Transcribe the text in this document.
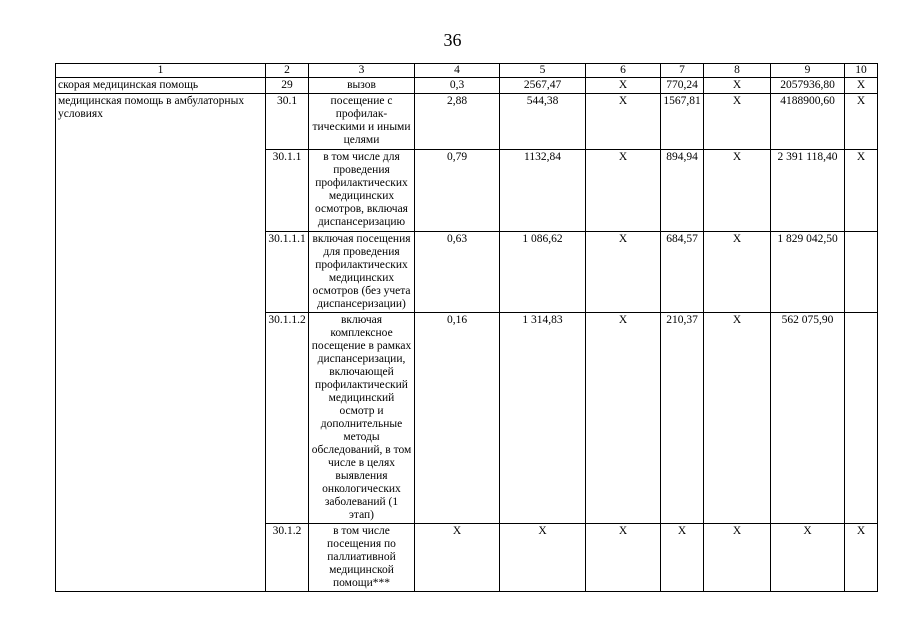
36
1	2	3	4	5	6	7	8	9	10
скорая медицинская помощь	29	вызов	0,3	2567,47	X	770,24	X	2057936,80	X
медицинская помощь в амбулаторных условиях	30.1	посещение с профилак- тическими и иными целями	2,88	544,38	X	1567,81	X	4188900,60	X
	30.1.1	в том числе для проведения профилактических медицинских осмотров, включая диспансеризацию	0,79	1132,84	X	894,94	X	2 391 118,40	X
	30.1.1.1	включая посещения для проведения профилактических медицинских осмотров (без учета диспансеризации)	0,63	1 086,62	X	684,57	X	1 829 042,50	
	30.1.1.2	включая комплексное посещение в рамках диспансеризации, включающей профилактический медицинский осмотр и дополнительные методы обследований, в том числе в целях выявления онкологических заболеваний (1 этап)	0,16	1 314,83	X	210,37	X	562 075,90	
	30.1.2	в том числе посещения по паллиативной медицинской помощи***	X	X	X	X	X	X	X
